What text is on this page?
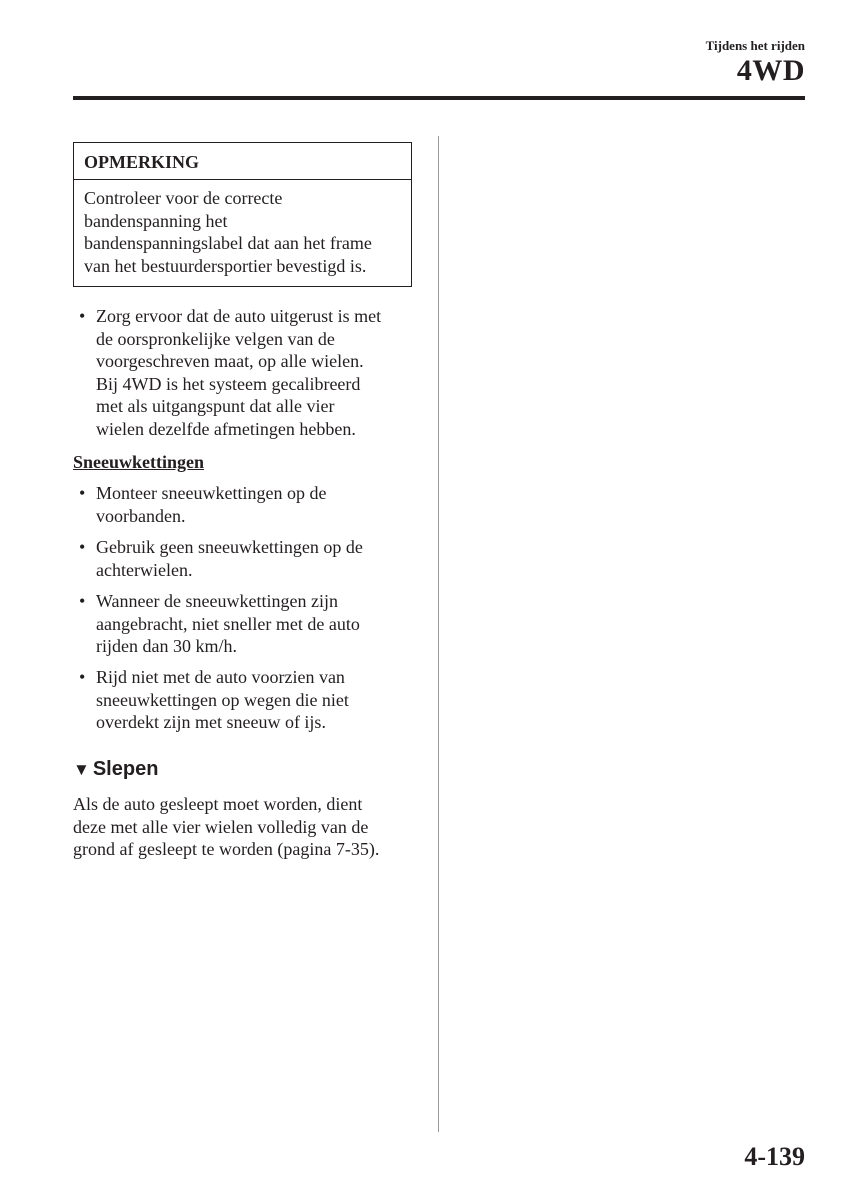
Tijdens het rijden
4WD
OPMERKING
Controleer voor de correcte
bandenspanning het
bandenspanningslabel dat aan het frame
van het bestuurdersportier bevestigd is.
• Zorg ervoor dat de auto uitgerust is met
de oorspronkelijke velgen van de
voorgeschreven maat, op alle wielen.
Bij 4WD is het systeem gecalibreerd
met als uitgangspunt dat alle vier
wielen dezelfde afmetingen hebben.
Sneeuwkettingen
• Monteer sneeuwkettingen op de
voorbanden.
• Gebruik geen sneeuwkettingen op de
achterwielen.
• Wanneer de sneeuwkettingen zijn
aangebracht, niet sneller met de auto
rijden dan 30 km/h.
• Rijd niet met de auto voorzien van
sneeuwkettingen op wegen die niet
overdekt zijn met sneeuw of ijs.
▼ Slepen
Als de auto gesleept moet worden, dient
deze met alle vier wielen volledig van de
grond af gesleept te worden (pagina 7-35).
4-139
